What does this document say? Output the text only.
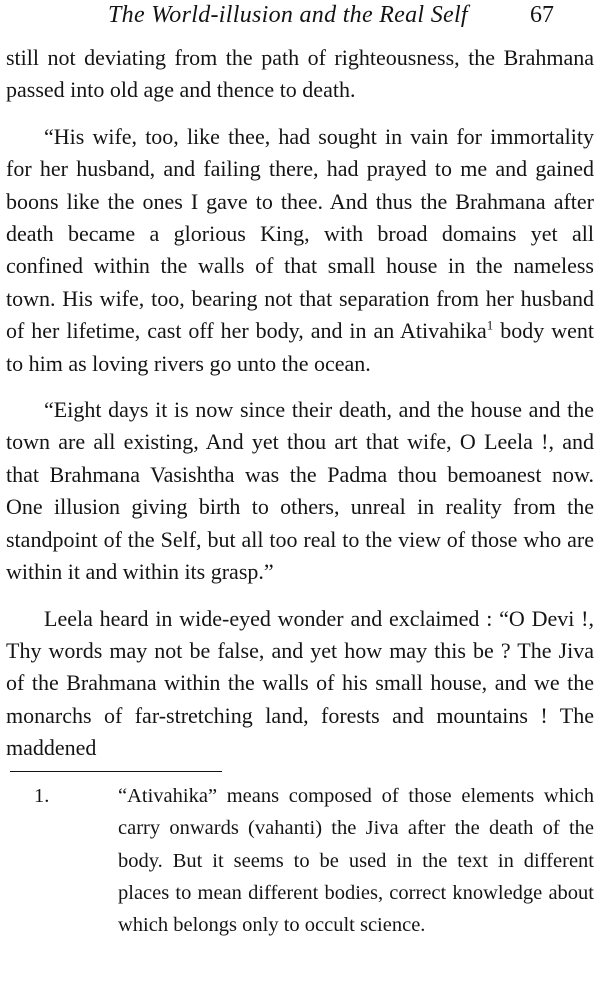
The World-illusion and the Real Self	67

still not deviating from the path of righteousness, the Brahmana passed into old age and thence to death.

“His wife, too, like thee, had sought in vain for immortality for her husband, and failing there, had prayed to me and gained boons like the ones I gave to thee. And thus the Brahmana after death became a glorious King, with broad domains yet all confined within the walls of that small house in the nameless town. His wife, too, bearing not that separation from her husband of her lifetime, cast off her body, and in an Ativahika$^1$ body went to him as loving rivers go unto the ocean.

“Eight days it is now since their death, and the house and the town are all existing, And yet thou art that wife, O Leela !, and that Brahmana Vasishtha was the Padma thou bemoanest now. One illusion giving birth to others, unreal in reality from the standpoint of the Self, but all too real to the view of those who are within it and within its grasp.”

Leela heard in wide-eyed wonder and exclaimed : “O Devi !, Thy words may not be false, and yet how may this be ? The Jiva of the Brahmana within the walls of his small house, and we the monarchs of far-stretching land, forests and mountains ! The maddened

1.	“Ativahika” means composed of those elements which carry onwards (vahanti) the Jiva after the death of the body. But it seems to be used in the text in different places to mean different bodies, correct knowledge about which belongs only to occult science.
